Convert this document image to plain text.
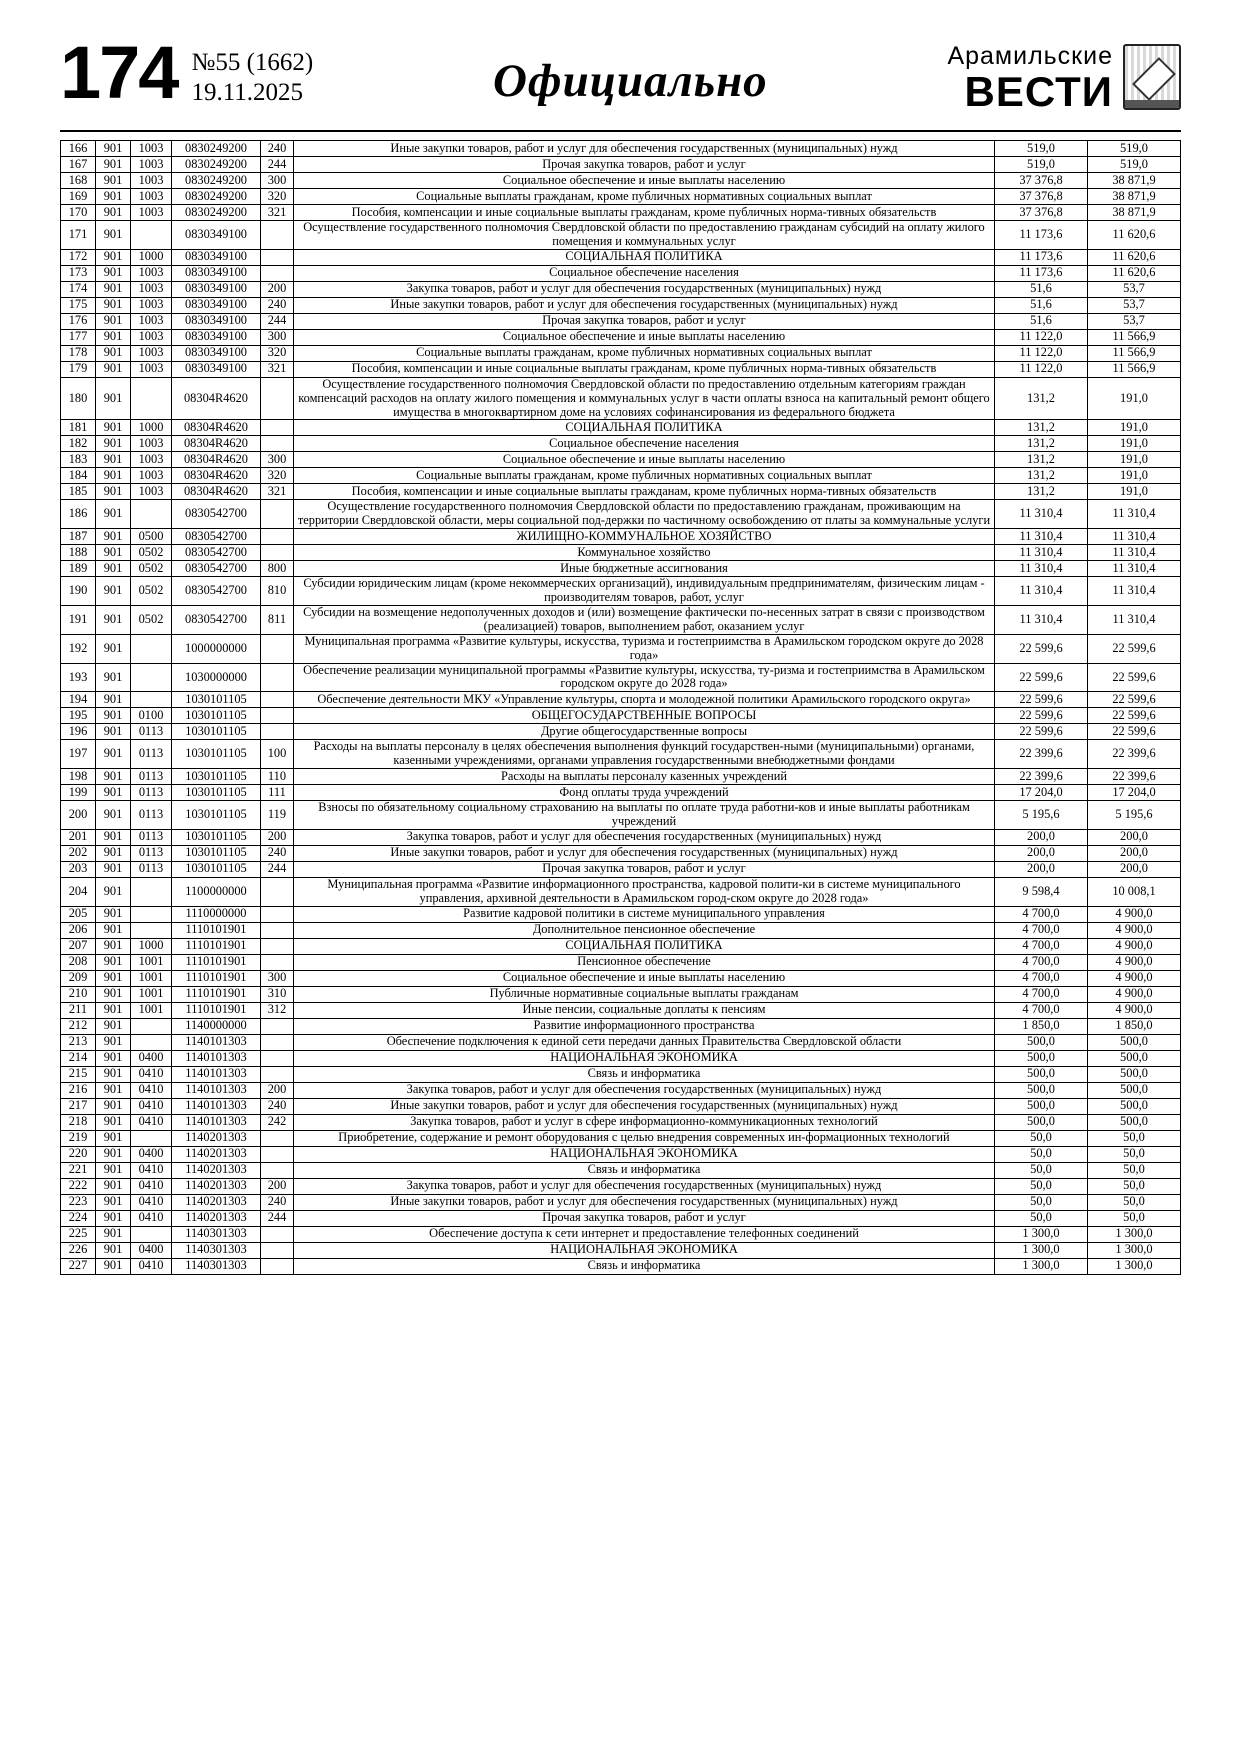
174 №55 (1662)
19.11.2025	Официально	Арамильские
ВЕСТИ
166	901	1003	0830249200	240	Иные закупки товаров, работ и услуг для обеспечения государственных (муниципальных) нужд	519,0	519,0
167	901	1003	0830249200	244	Прочая закупка товаров, работ и услуг	519,0	519,0
168	901	1003	0830249200	300	Социальное обеспечение и иные выплаты населению	37 376,8	38 871,9
169	901	1003	0830249200	320	Социальные выплаты гражданам, кроме публичных нормативных социальных выплат	37 376,8	38 871,9
170	901	1003	0830249200	321	Пособия, компенсации и иные социальные выплаты гражданам, кроме публичных норма-тивных обязательств	37 376,8	38 871,9
171	901		0830349100		Осуществление государственного полномочия Свердловской области по предоставлению гражданам субсидий на оплату жилого помещения и коммунальных услуг	11 173,6	11 620,6
172	901	1000	0830349100		СОЦИАЛЬНАЯ ПОЛИТИКА	11 173,6	11 620,6
173	901	1003	0830349100		Социальное обеспечение населения	11 173,6	11 620,6
174	901	1003	0830349100	200	Закупка товаров, работ и услуг для обеспечения государственных (муниципальных) нужд	51,6	53,7
175	901	1003	0830349100	240	Иные закупки товаров, работ и услуг для обеспечения государственных (муниципальных) нужд	51,6	53,7
176	901	1003	0830349100	244	Прочая закупка товаров, работ и услуг	51,6	53,7
177	901	1003	0830349100	300	Социальное обеспечение и иные выплаты населению	11 122,0	11 566,9
178	901	1003	0830349100	320	Социальные выплаты гражданам, кроме публичных нормативных социальных выплат	11 122,0	11 566,9
179	901	1003	0830349100	321	Пособия, компенсации и иные социальные выплаты гражданам, кроме публичных норма-тивных обязательств	11 122,0	11 566,9
180	901		08304R4620		Осуществление государственного полномочия Свердловской области по предоставлению отдельным категориям граждан компенсаций расходов на оплату жилого помещения и коммунальных услуг в части оплаты взноса на капитальный ремонт общего имущества в многоквартирном доме на условиях софинансирования из федерального бюджета	131,2	191,0
181	901	1000	08304R4620		СОЦИАЛЬНАЯ ПОЛИТИКА	131,2	191,0
182	901	1003	08304R4620		Социальное обеспечение населения	131,2	191,0
183	901	1003	08304R4620	300	Социальное обеспечение и иные выплаты населению	131,2	191,0
184	901	1003	08304R4620	320	Социальные выплаты гражданам, кроме публичных нормативных социальных выплат	131,2	191,0
185	901	1003	08304R4620	321	Пособия, компенсации и иные социальные выплаты гражданам, кроме публичных норма-тивных обязательств	131,2	191,0
186	901		0830542700		Осуществление государственного полномочия Свердловской области по предоставлению гражданам, проживающим на территории Свердловской области, меры социальной под-держки по частичному освобождению от платы за коммунальные услуги	11 310,4	11 310,4
187	901	0500	0830542700		ЖИЛИЩНО-КОММУНАЛЬНОЕ ХОЗЯЙСТВО	11 310,4	11 310,4
188	901	0502	0830542700		Коммунальное хозяйство	11 310,4	11 310,4
189	901	0502	0830542700	800	Иные бюджетные ассигнования	11 310,4	11 310,4
190	901	0502	0830542700	810	Субсидии юридическим лицам (кроме некоммерческих организаций), индивидуальным предпринимателям, физическим лицам - производителям товаров, работ, услуг	11 310,4	11 310,4
191	901	0502	0830542700	811	Субсидии на возмещение недополученных доходов и (или) возмещение фактически по-несенных затрат в связи с производством (реализацией) товаров, выполнением работ, оказанием услуг	11 310,4	11 310,4
192	901		1000000000		Муниципальная программа «Развитие культуры, искусства, туризма и гостеприимства в Арамильском городском округе до 2028 года»	22 599,6	22 599,6
193	901		1030000000		Обеспечение реализации муниципальной программы «Развитие культуры, искусства, ту-ризма и гостеприимства в Арамильском городском округе до 2028 года»	22 599,6	22 599,6
194	901		1030101105		Обеспечение деятельности МКУ «Управление культуры, спорта и молодежной политики Арамильского городского округа»	22 599,6	22 599,6
195	901	0100	1030101105		ОБЩЕГОСУДАРСТВЕННЫЕ ВОПРОСЫ	22 599,6	22 599,6
196	901	0113	1030101105		Другие общегосударственные вопросы	22 599,6	22 599,6
197	901	0113	1030101105	100	Расходы на выплаты персоналу в целях обеспечения выполнения функций государствен-ными (муниципальными) органами, казенными учреждениями, органами управления государственными внебюджетными фондами	22 399,6	22 399,6
198	901	0113	1030101105	110	Расходы на выплаты персоналу казенных учреждений	22 399,6	22 399,6
199	901	0113	1030101105	111	Фонд оплаты труда учреждений	17 204,0	17 204,0
200	901	0113	1030101105	119	Взносы по обязательному социальному страхованию на выплаты по оплате труда работни-ков и иные выплаты работникам учреждений	5 195,6	5 195,6
201	901	0113	1030101105	200	Закупка товаров, работ и услуг для обеспечения государственных (муниципальных) нужд	200,0	200,0
202	901	0113	1030101105	240	Иные закупки товаров, работ и услуг для обеспечения государственных (муниципальных) нужд	200,0	200,0
203	901	0113	1030101105	244	Прочая закупка товаров, работ и услуг	200,0	200,0
204	901		1100000000		Муниципальная программа «Развитие информационного пространства, кадровой полити-ки в системе муниципального управления, архивной деятельности в Арамильском город-ском округе до 2028 года»	9 598,4	10 008,1
205	901		1110000000		Развитие кадровой политики в системе муниципального управления	4 700,0	4 900,0
206	901		1110101901		Дополнительное пенсионное обеспечение	4 700,0	4 900,0
207	901	1000	1110101901		СОЦИАЛЬНАЯ ПОЛИТИКА	4 700,0	4 900,0
208	901	1001	1110101901		Пенсионное обеспечение	4 700,0	4 900,0
209	901	1001	1110101901	300	Социальное обеспечение и иные выплаты населению	4 700,0	4 900,0
210	901	1001	1110101901	310	Публичные нормативные социальные выплаты гражданам	4 700,0	4 900,0
211	901	1001	1110101901	312	Иные пенсии, социальные доплаты к пенсиям	4 700,0	4 900,0
212	901		1140000000		Развитие информационного пространства	1 850,0	1 850,0
213	901		1140101303		Обеспечение подключения к единой сети передачи данных Правительства Свердловской области	500,0	500,0
214	901	0400	1140101303		НАЦИОНАЛЬНАЯ ЭКОНОМИКА	500,0	500,0
215	901	0410	1140101303		Связь и информатика	500,0	500,0
216	901	0410	1140101303	200	Закупка товаров, работ и услуг для обеспечения государственных (муниципальных) нужд	500,0	500,0
217	901	0410	1140101303	240	Иные закупки товаров, работ и услуг для обеспечения государственных (муниципальных) нужд	500,0	500,0
218	901	0410	1140101303	242	Закупка товаров, работ и услуг в сфере информационно-коммуникационных технологий	500,0	500,0
219	901		1140201303		Приобретение, содержание и ремонт оборудования с целью внедрения современных ин-формационных технологий	50,0	50,0
220	901	0400	1140201303		НАЦИОНАЛЬНАЯ ЭКОНОМИКА	50,0	50,0
221	901	0410	1140201303		Связь и информатика	50,0	50,0
222	901	0410	1140201303	200	Закупка товаров, работ и услуг для обеспечения государственных (муниципальных) нужд	50,0	50,0
223	901	0410	1140201303	240	Иные закупки товаров, работ и услуг для обеспечения государственных (муниципальных) нужд	50,0	50,0
224	901	0410	1140201303	244	Прочая закупка товаров, работ и услуг	50,0	50,0
225	901		1140301303		Обеспечение доступа к сети интернет и предоставление телефонных соединений	1 300,0	1 300,0
226	901	0400	1140301303		НАЦИОНАЛЬНАЯ ЭКОНОМИКА	1 300,0	1 300,0
227	901	0410	1140301303		Связь и информатика	1 300,0	1 300,0
